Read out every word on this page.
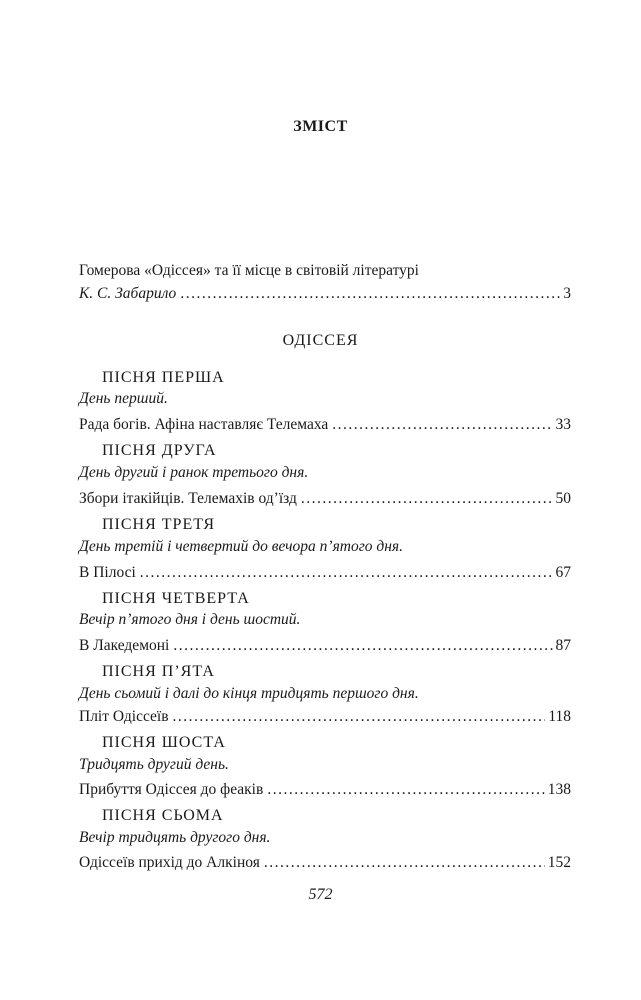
ЗМІСТ
Гомерова «Одіссея» та її місце в світовій літературі
К. С. Забарило .....	3
ОДІССЕЯ
ПІСНЯ ПЕРША
День перший.
Рада богів. Афіна наставляє Телемаха .....	33
ПІСНЯ ДРУГА
День другий і ранок третього дня.
Збори ітакійців. Телемахів од’їзд .....	50
ПІСНЯ ТРЕТЯ
День третій і четвертий до вечора п’ятого дня.
В Пілосі .....	67
ПІСНЯ ЧЕТВЕРТА
Вечір п’ятого дня і день шостий.
В Лакедемоні .....	87
ПІСНЯ П’ЯТА
День сьомий і далі до кінця тридцять першого дня.
Пліт Одіссеїв .....	118
ПІСНЯ ШОСТА
Тридцять другий день.
Прибуття Одіссея до феаків .....	138
ПІСНЯ СЬОМА
Вечір тридцять другого дня.
Одіссеїв прихід до Алкіноя .....	152
572
